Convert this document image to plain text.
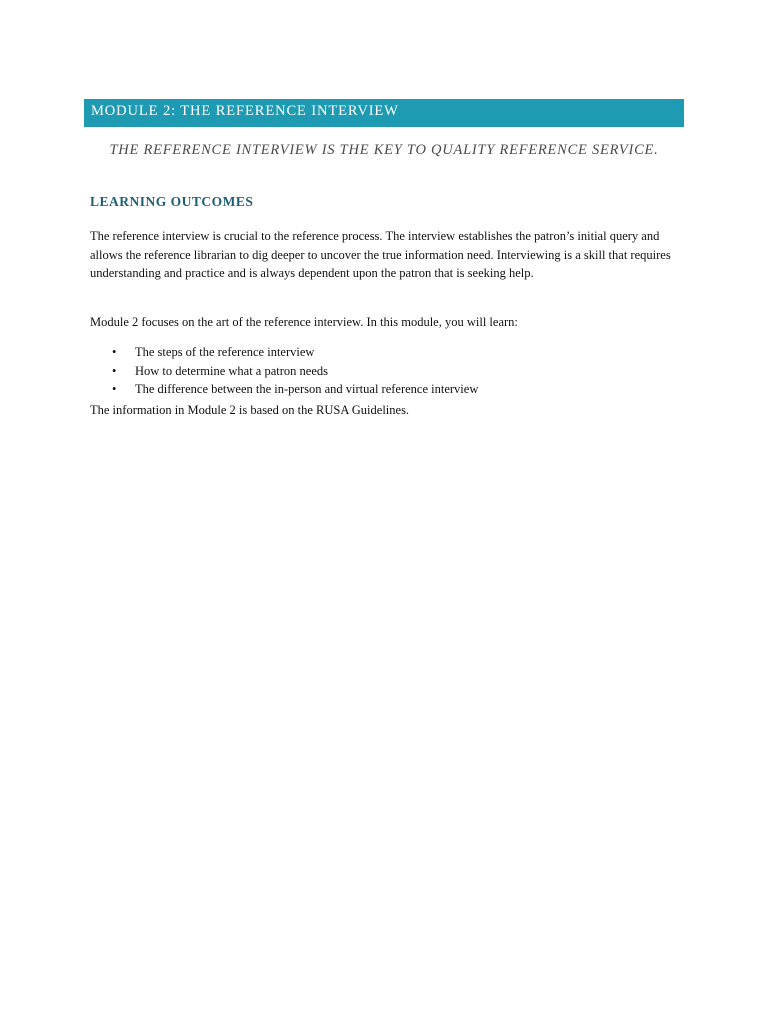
MODULE 2: THE REFERENCE INTERVIEW
THE REFERENCE INTERVIEW IS THE KEY TO QUALITY REFERENCE SERVICE.
LEARNING OUTCOMES

The reference interview is crucial to the reference process. The interview establishes the patron’s initial query and allows the reference librarian to dig deeper to uncover the true information need. Interviewing is a skill that requires understanding and practice and is always dependent upon the patron that is seeking help.

Module 2 focuses on the art of the reference interview. In this module, you will learn:

• The steps of the reference interview
• How to determine what a patron needs
• The difference between the in-person and virtual reference interview

The information in Module 2 is based on the RUSA Guidelines.
